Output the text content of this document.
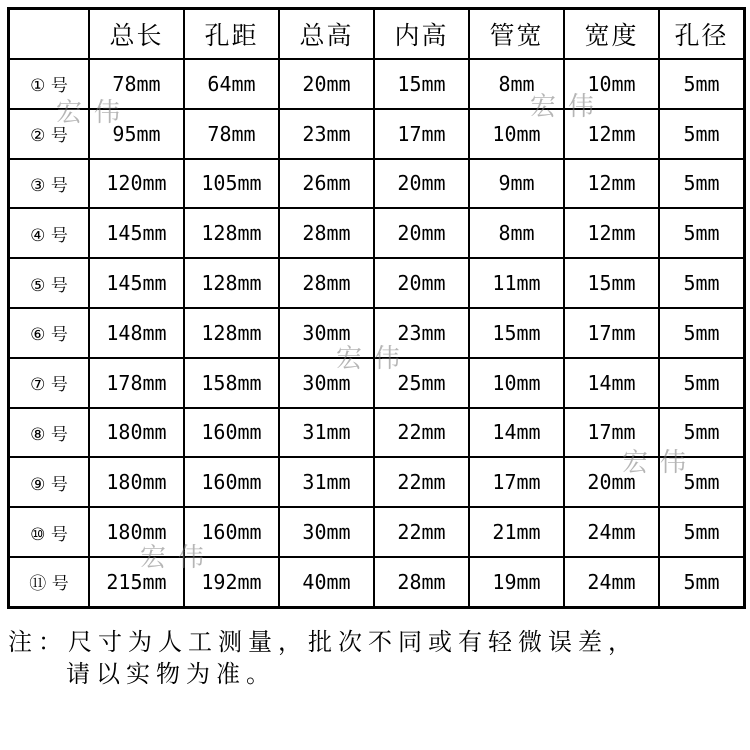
	总长	孔距	总高	内高	管宽	宽度	孔径
① 号	78mm	64mm	20mm	15mm	8mm	10mm	5mm
② 号	95mm	78mm	23mm	17mm	10mm	12mm	5mm
③ 号	120mm	105mm	26mm	20mm	9mm	12mm	5mm
④ 号	145mm	128mm	28mm	20mm	8mm	12mm	5mm
⑤ 号	145mm	128mm	28mm	20mm	11mm	15mm	5mm
⑥ 号	148mm	128mm	30mm	23mm	15mm	17mm	5mm
⑦ 号	178mm	158mm	30mm	25mm	10mm	14mm	5mm
⑧ 号	180mm	160mm	31mm	22mm	14mm	17mm	5mm
⑨ 号	180mm	160mm	31mm	22mm	17mm	20mm	5mm
⑩ 号	180mm	160mm	30mm	22mm	21mm	24mm	5mm
⑪ 号	215mm	192mm	40mm	28mm	19mm	24mm	5mm
宏伟	宏伟
宏伟
宏伟
宏伟
注：尺寸为人工测量，批次不同或有轻微误差，
请以实物为准。
